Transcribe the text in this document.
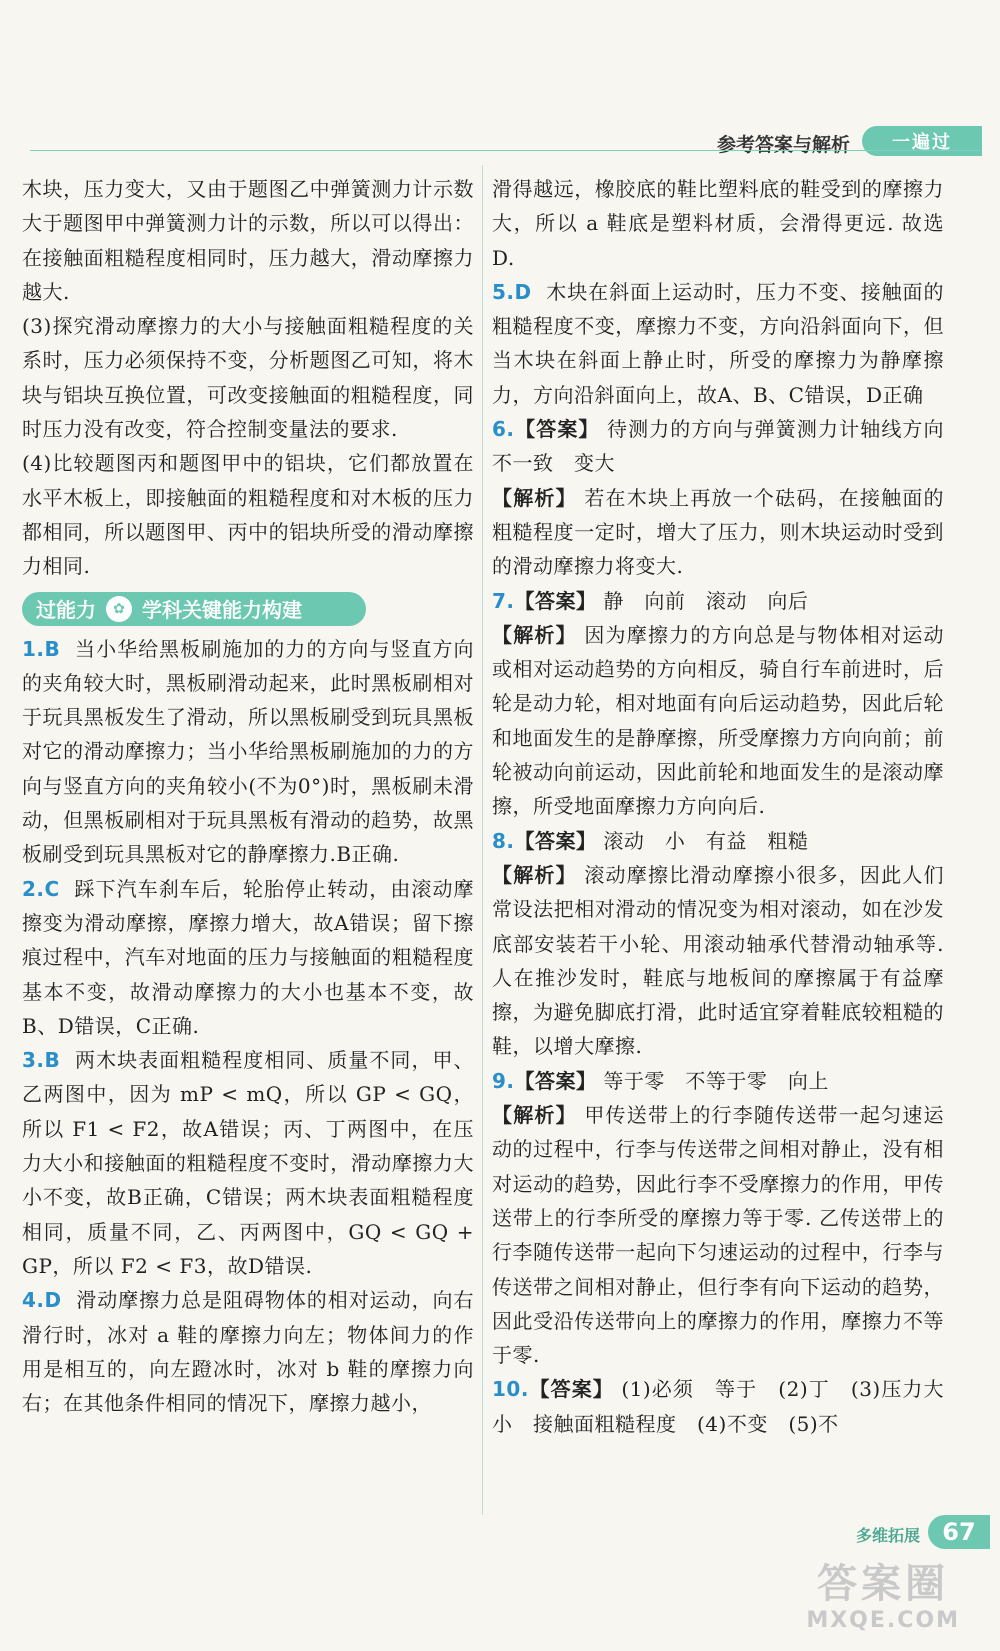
参考答案与解析	一遍过

木块，压力变大，又由于题图乙中弹簧测力计示数大于题图甲中弹簧测力计的示数，所以可以得出：在接触面粗糙程度相同时，压力越大，滑动摩擦力越大.

(3)探究滑动摩擦力的大小与接触面粗糙程度的关系时，压力必须保持不变，分析题图乙可知，将木块与铝块互换位置，可改变接触面的粗糙程度，同时压力没有改变，符合控制变量法的要求.

(4)比较题图丙和题图甲中的铝块，它们都放置在水平木板上，即接触面的粗糙程度和对木板的压力都相同，所以题图甲、丙中的铝块所受的滑动摩擦力相同.

过能力	✿ 学科关键能力构建

1.B 当小华给黑板刷施加的力的方向与竖直方向的夹角较大时，黑板刷滑动起来，此时黑板刷相对于玩具黑板发生了滑动，所以黑板刷受到玩具黑板对它的滑动摩擦力；当小华给黑板刷施加的力的方向与竖直方向的夹角较小(不为0°)时，黑板刷未滑动，但黑板刷相对于玩具黑板有滑动的趋势，故黑板刷受到玩具黑板对它的静摩擦力.B正确.

2.C 踩下汽车刹车后，轮胎停止转动，由滚动摩擦变为滑动摩擦，摩擦力增大，故A错误；留下擦痕过程中，汽车对地面的压力与接触面的粗糙程度基本不变，故滑动摩擦力的大小也基本不变，故B、D错误，C正确.

3.B 两木块表面粗糙程度相同、质量不同，甲、乙两图中，因为 mP < mQ，所以 GP < GQ，所以 F1 < F2，故A错误；丙、丁两图中，在压力大小和接触面的粗糙程度不变时，滑动摩擦力大小不变，故B正确，C错误；两木块表面粗糙程度相同，质量不同，乙、丙两图中，GQ < GQ + GP，所以 F2 < F3，故D错误.

4.D 滑动摩擦力总是阻碍物体的相对运动，向右滑行时，冰对 a 鞋的摩擦力向左；物体间力的作用是相互的，向左蹬冰时，冰对 b 鞋的摩擦力向右；在其他条件相同的情况下，摩擦力越小，

滑得越远，橡胶底的鞋比塑料底的鞋受到的摩擦力大，所以 a 鞋底是塑料材质，会滑得更远. 故选D.

5.D 木块在斜面上运动时，压力不变、接触面的粗糙程度不变，摩擦力不变，方向沿斜面向下，但当木块在斜面上静止时，所受的摩擦力为静摩擦力，方向沿斜面向上，故A、B、C错误，D正确

6.【答案】 待测力的方向与弹簧测力计轴线方向不一致　变大

【解析】 若在木块上再放一个砝码，在接触面的粗糙程度一定时，增大了压力，则木块运动时受到的滑动摩擦力将变大.

7.【答案】 静　向前　滚动　向后

【解析】 因为摩擦力的方向总是与物体相对运动或相对运动趋势的方向相反，骑自行车前进时，后轮是动力轮，相对地面有向后运动趋势，因此后轮和地面发生的是静摩擦，所受摩擦力方向向前；前轮被动向前运动，因此前轮和地面发生的是滚动摩擦，所受地面摩擦力方向向后.

8.【答案】 滚动　小　有益　粗糙

【解析】 滚动摩擦比滑动摩擦小很多，因此人们常设法把相对滑动的情况变为相对滚动，如在沙发底部安装若干小轮、用滚动轴承代替滑动轴承等. 人在推沙发时，鞋底与地板间的摩擦属于有益摩擦，为避免脚底打滑，此时适宜穿着鞋底较粗糙的鞋，以增大摩擦.

9.【答案】 等于零　不等于零　向上

【解析】 甲传送带上的行李随传送带一起匀速运动的过程中，行李与传送带之间相对静止，没有相对运动的趋势，因此行李不受摩擦力的作用，甲传送带上的行李所受的摩擦力等于零. 乙传送带上的行李随传送带一起向下匀速运动的过程中，行李与传送带之间相对静止，但行李有向下运动的趋势，因此受沿传送带向上的摩擦力的作用，摩擦力不等于零.

10.【答案】 (1)必须　等于　(2)丁　(3)压力大小　接触面粗糙程度　(4)不变　(5)不

多维拓展 67
答案圈
MXQE.COM
